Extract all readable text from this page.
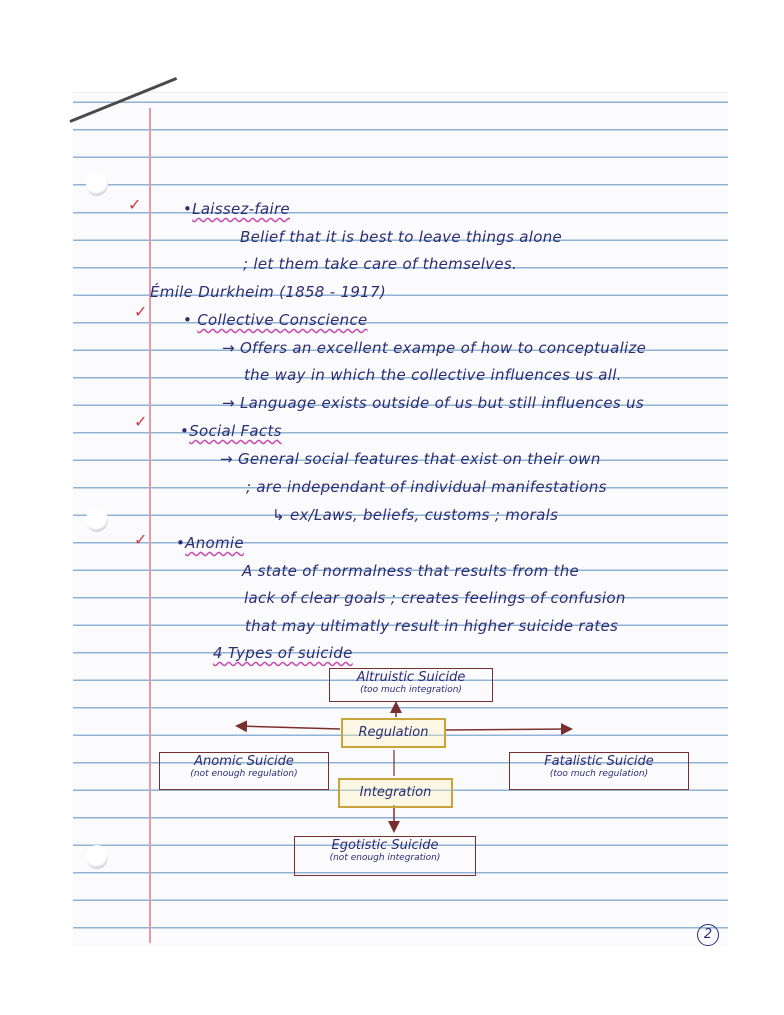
✓
✓
✓
✓
•Laissez-faire
Belief that it is best to leave things alone
; let them take care of themselves.
Émile Durkheim (1858 - 1917)
• Collective Conscience
→ Offers an excellent exampe of how to conceptualize
the way in which the collective influences us all.
→ Language exists outside of us but still influences us
•Social Facts
→ General social features that exist on their own
; are independant of individual manifestations
↳ ex/Laws, beliefs, customs ; morals
•Anomie
A state of normalness that results from the
lack of clear goals ; creates feelings of confusion
that may ultimatly result in higher suicide rates
4 Types of suicide
Altruistic Suicide
(too much integration)
Regulation
Anomic Suicide
(not enough regulation)
Fatalistic Suicide
(too much regulation)
Integration
Egotistic Suicide
(not enough integration)
2
